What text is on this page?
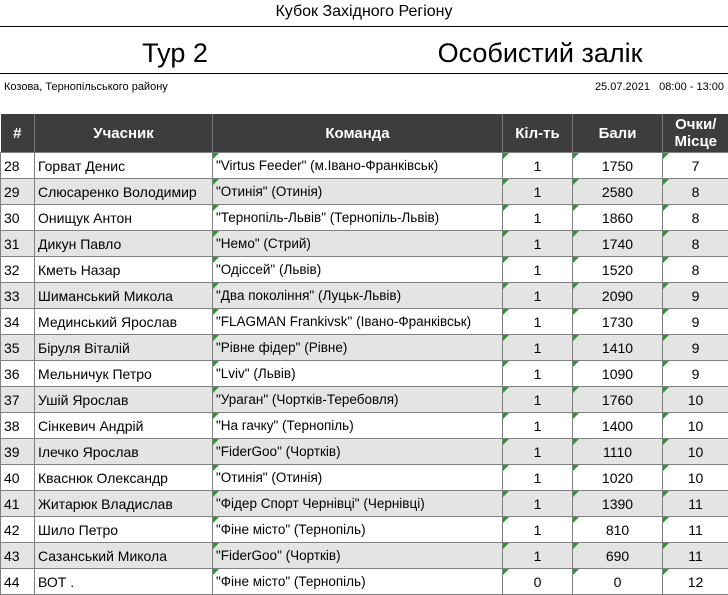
Кубок Західного Регіону
Тур 2	Особистий залік
Козова, Тернопільського району	25.07.2021   08:00 - 13:00
#	Учасник	Команда	Кіл-ть	Бали	Очки/ Місце
28	Горват Денис	"Virtus Feeder" (м.Івано-Франківськ)	1	1750	7
29	Слюсаренко Володимир	"Отинія" (Отинія)	1	2580	8
30	Онищук Антон	"Тернопіль-Львів" (Тернопіль-Львів)	1	1860	8
31	Дикун Павло	"Немо" (Стрий)	1	1740	8
32	Кметь Назар	"Одіссей" (Львів)	1	1520	8
33	Шиманський Микола	"Два покоління" (Луцьк-Львів)	1	2090	9
34	Мединський Ярослав	"FLAGMAN Frankivsk" (Івано-Франківськ)	1	1730	9
35	Біруля Віталій	"Рівне фідер" (Рівне)	1	1410	9
36	Мельничук Петро	"Lviv" (Львів)	1	1090	9
37	Ушій Ярослав	"Ураган" (Чортків-Теребовля)	1	1760	10
38	Сінкевич Андрій	"На гачку" (Тернопіль)	1	1400	10
39	Ілечко Ярослав	"FiderGoo" (Чортків)	1	1110	10
40	Кваснюк Олександр	"Отинія" (Отинія)	1	1020	10
41	Житарюк Владислав	"Фідер Спорт Чернівці" (Чернівці)	1	1390	11
42	Шило Петро	"Фіне місто" (Тернопіль)	1	810	11
43	Сазанський Микола	"FiderGoo" (Чортків)	1	690	11
44	ВОТ .	"Фіне місто" (Тернопіль)	0	0	12
